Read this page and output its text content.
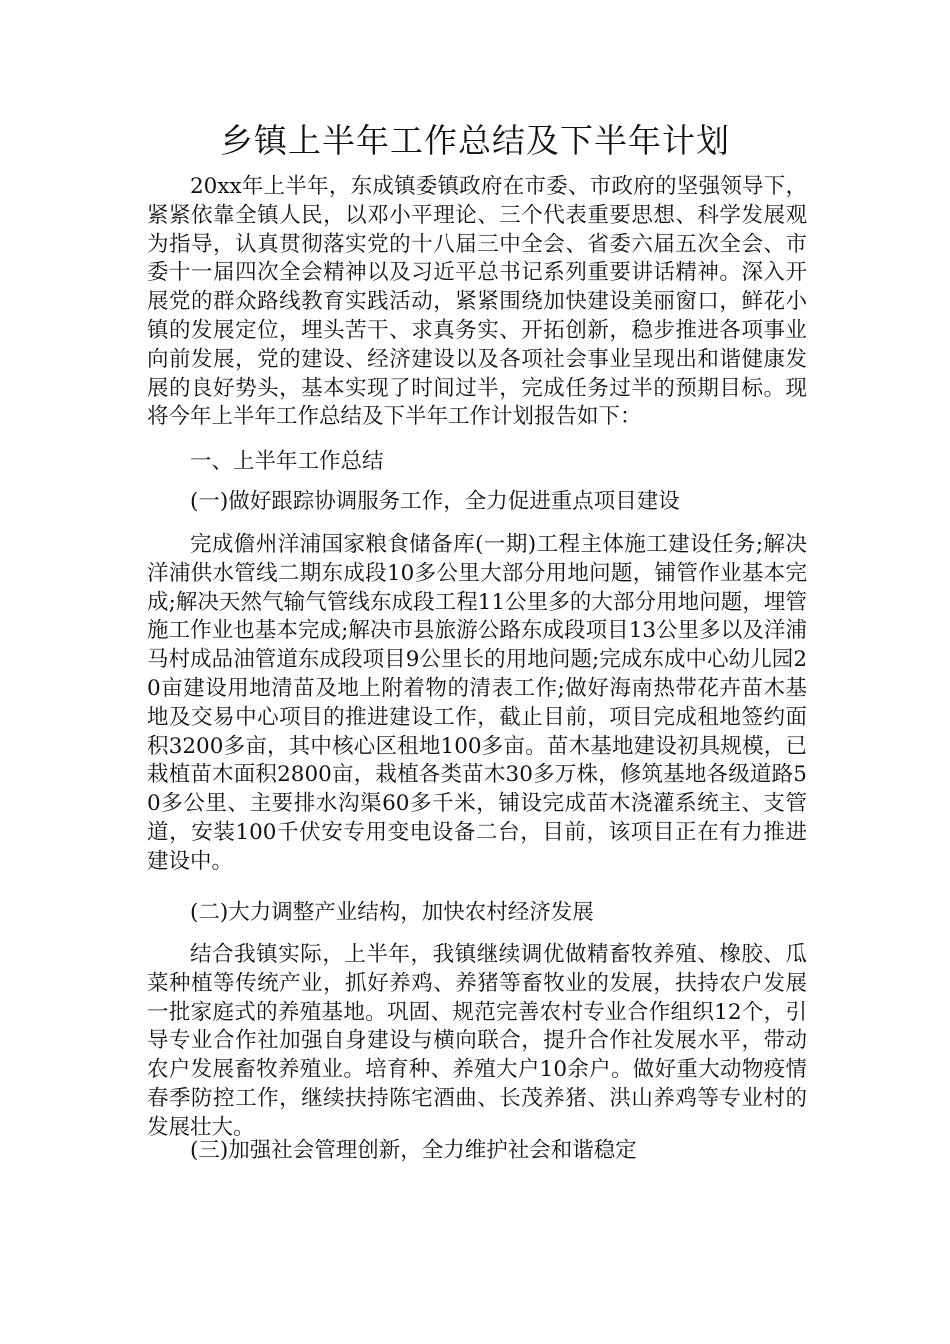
乡镇上半年工作总结及下半年计划

20xx年上半年，东成镇委镇政府在市委、市政府的坚强领导下，紧紧依靠全镇人民，以邓小平理论、三个代表重要思想、科学发展观为指导，认真贯彻落实党的十八届三中全会、省委六届五次全会、市委十一届四次全会精神以及习近平总书记系列重要讲话精神。深入开展党的群众路线教育实践活动，紧紧围绕加快建设美丽窗口，鲜花小镇的发展定位，埋头苦干、求真务实、开拓创新，稳步推进各项事业向前发展，党的建设、经济建设以及各项社会事业呈现出和谐健康发展的良好势头，基本实现了时间过半，完成任务过半的预期目标。现将今年上半年工作总结及下半年工作计划报告如下：

一、上半年工作总结

(一)做好跟踪协调服务工作，全力促进重点项目建设

完成儋州洋浦国家粮食储备库(一期)工程主体施工建设任务;解决洋浦供水管线二期东成段10多公里大部分用地问题，铺管作业基本完成;解决天然气输气管线东成段工程11公里多的大部分用地问题，埋管施工作业也基本完成;解决市县旅游公路东成段项目13公里多以及洋浦马村成品油管道东成段项目9公里长的用地问题;完成东成中心幼儿园20亩建设用地清苗及地上附着物的清表工作;做好海南热带花卉苗木基地及交易中心项目的推进建设工作，截止目前，项目完成租地签约面积3200多亩，其中核心区租地100多亩。苗木基地建设初具规模，已栽植苗木面积2800亩，栽植各类苗木30多万株，修筑基地各级道路50多公里、主要排水沟渠60多千米，铺设完成苗木浇灌系统主、支管道，安装100千伏安专用变电设备二台，目前，该项目正在有力推进建设中。

(二)大力调整产业结构，加快农村经济发展

结合我镇实际，上半年，我镇继续调优做精畜牧养殖、橡胶、瓜菜种植等传统产业，抓好养鸡、养猪等畜牧业的发展，扶持农户发展一批家庭式的养殖基地。巩固、规范完善农村专业合作组织12个，引导专业合作社加强自身建设与横向联合，提升合作社发展水平，带动农户发展畜牧养殖业。培育种、养殖大户10余户。做好重大动物疫情春季防控工作，继续扶持陈宅酒曲、长茂养猪、洪山养鸡等专业村的发展壮大。

(三)加强社会管理创新，全力维护社会和谐稳定
